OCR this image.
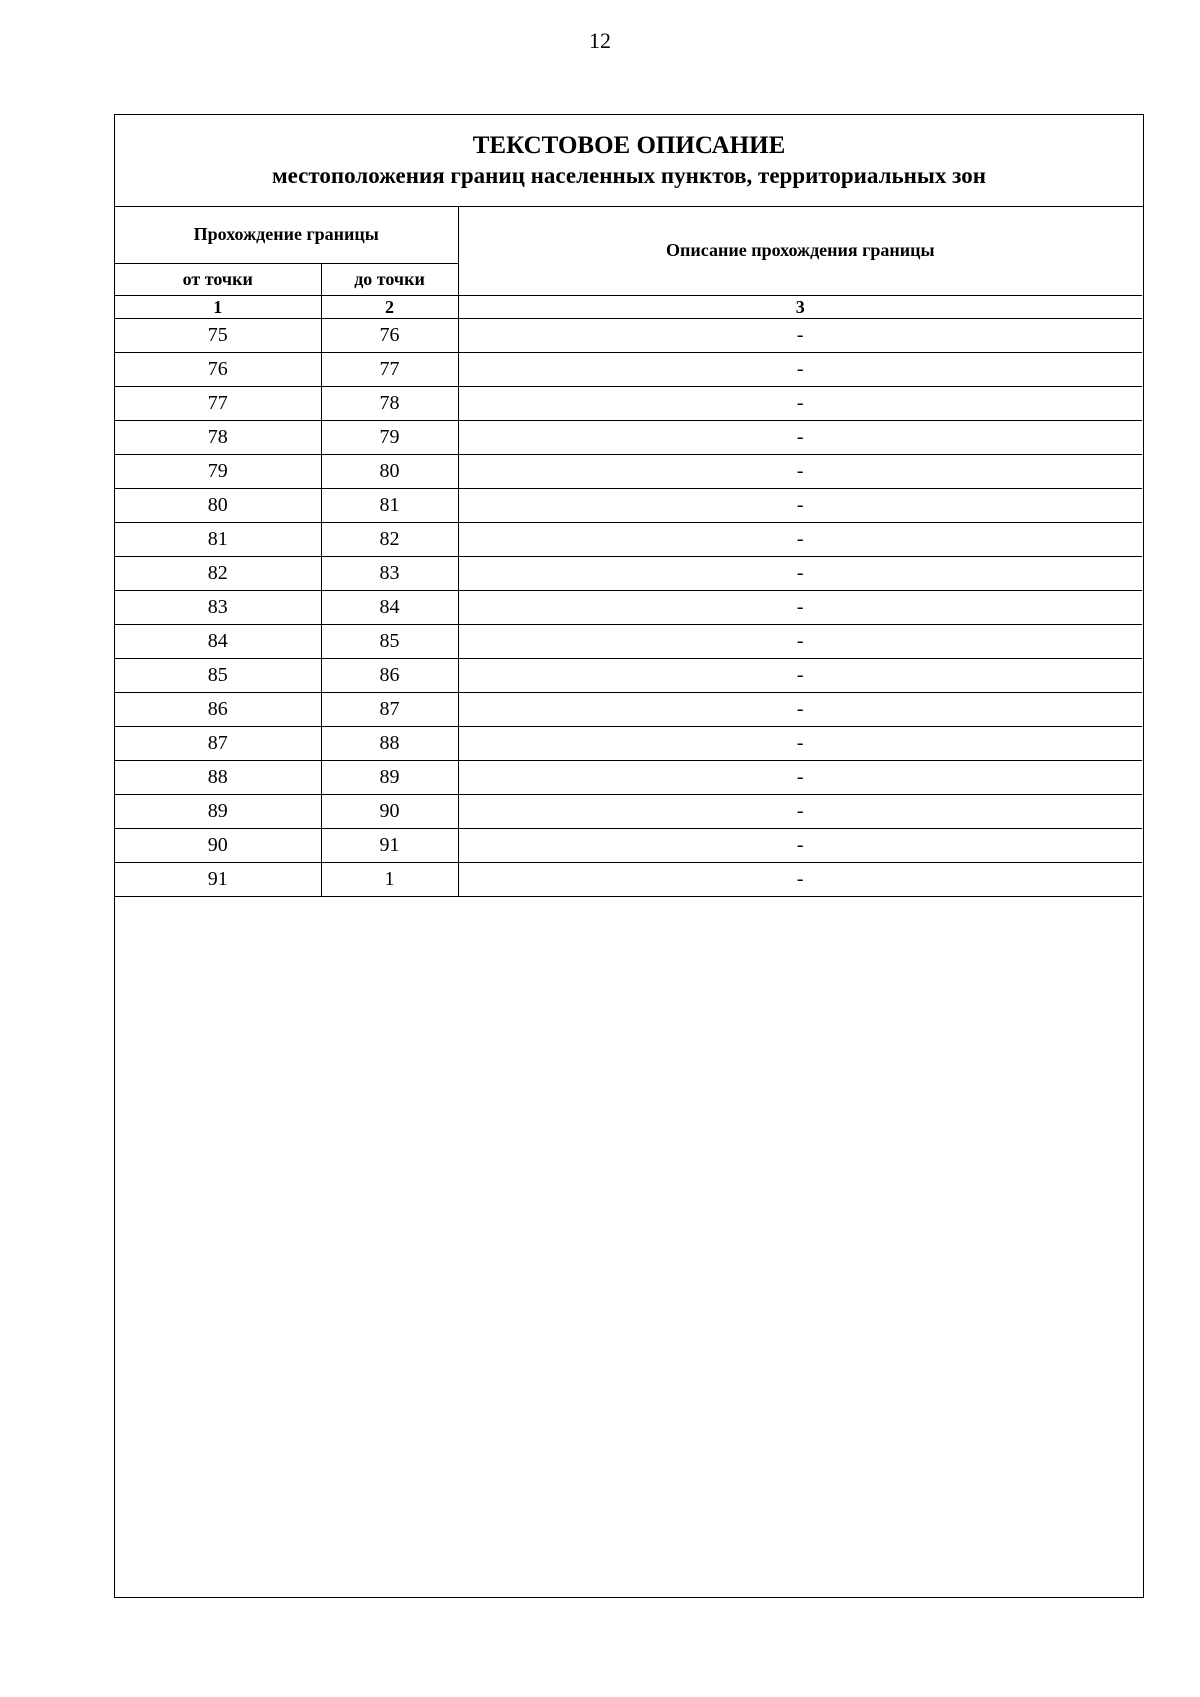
12
ТЕКСТОВОЕ ОПИСАНИЕ
местоположения границ населенных пунктов, территориальных зон
Прохождение границы		Описание прохождения границы
от точки	до точки	
1	2	3
75	76	-
76	77	-
77	78	-
78	79	-
79	80	-
80	81	-
81	82	-
82	83	-
83	84	-
84	85	-
85	86	-
86	87	-
87	88	-
88	89	-
89	90	-
90	91	-
91	1	-
